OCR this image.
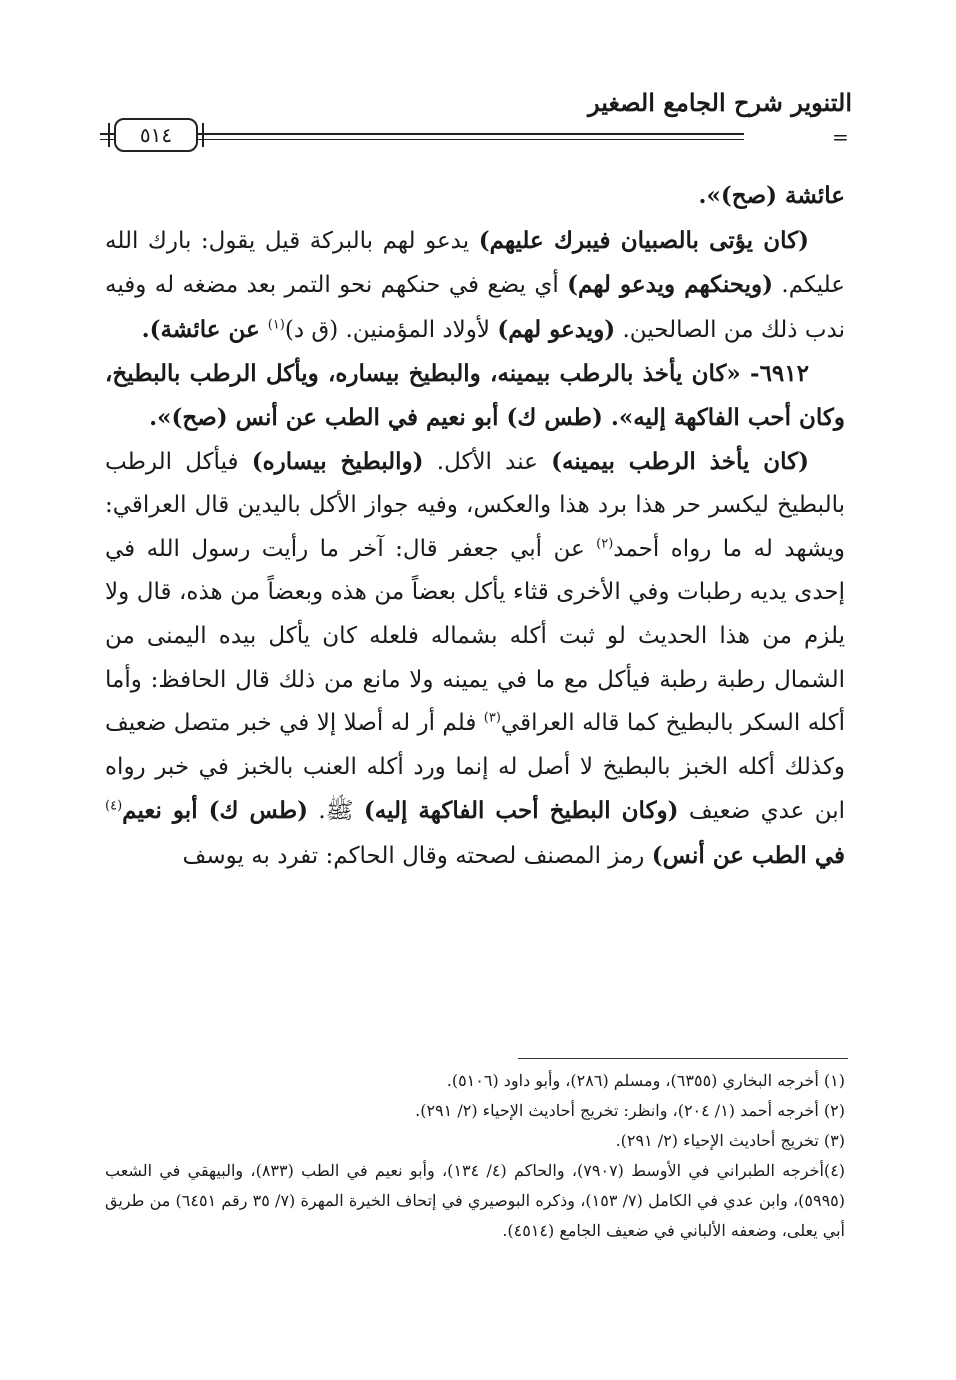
التنوير شرح الجامع الصغير
٥١٤	=

عائشة (صح)».

(كان يؤتى بالصبيان فيبرك عليهم) يدعو لهم بالبركة قيل يقول: بارك الله عليكم. (ويحنكهم ويدعو لهم) أي يضع في حنكهم نحو التمر بعد مضغه له وفيه ندب ذلك من الصالحين. (ويدعو لهم) لأولاد المؤمنين. (ق د)$^{(١)}$ عن عائشة).

٦٩١٢- «كان يأخذ بالرطب بيمينه، والبطيخ بيساره، ويأكل الرطب بالبطيخ، وكان أحب الفاكهة إليه». (طس ك) أبو نعيم في الطب عن أنس (صح)».

(كان يأخذ الرطب بيمينه) عند الأكل. (والبطيخ بيساره) فيأكل الرطب بالبطيخ ليكسر حر هذا برد هذا والعكس، وفيه جواز الأكل باليدين قال العراقي: ويشهد له ما رواه أحمد$^{(٢)}$ عن أبي جعفر قال: آخر ما رأيت رسول الله في إحدى يديه رطبات وفي الأخرى قثاء يأكل بعضاً من هذه وبعضاً من هذه، قال ولا يلزم من هذا الحديث لو ثبت أكله بشماله فلعله كان يأكل بيده اليمنى من الشمال رطبة رطبة فيأكل مع ما في يمينه ولا مانع من ذلك قال الحافظ: وأما أكله السكر بالبطيخ كما قاله العراقي$^{(٣)}$ فلم أر له أصلا إلا في خبر متصل ضعيف وكذلك أكله الخبز بالبطيخ لا أصل له إنما ورد أكله العنب بالخبز في خبر رواه ابن عدي ضعيف (وكان البطيخ أحب الفاكهة إليه) ﷺ. (طس ك) أبو نعيم$^{(٤)}$ في الطب عن أنس) رمز المصنف لصحته وقال الحاكم: تفرد به يوسف

(١) أخرجه البخاري (٦٣٥٥)، ومسلم (٢٨٦)، وأبو داود (٥١٠٦).

(٢) أخرجه أحمد (١/ ٢٠٤)، وانظر: تخريج أحاديث الإحياء (٢/ ٢٩١).

(٣) تخريج أحاديث الإحياء (٢/ ٢٩١).

(٤)أخرجه الطبراني في الأوسط (٧٩٠٧)، والحاكم (٤/ ١٣٤)، وأبو نعيم في الطب (٨٣٣)، والبيهقي في الشعب (٥٩٩٥)، وابن عدي في الكامل (٧/ ١٥٣)، وذكره البوصيري في إتحاف الخيرة المهرة (٧/ ٣٥ رقم ٦٤٥١) من طريق أبي يعلى، وضعفه الألباني في ضعيف الجامع (٤٥١٤).
